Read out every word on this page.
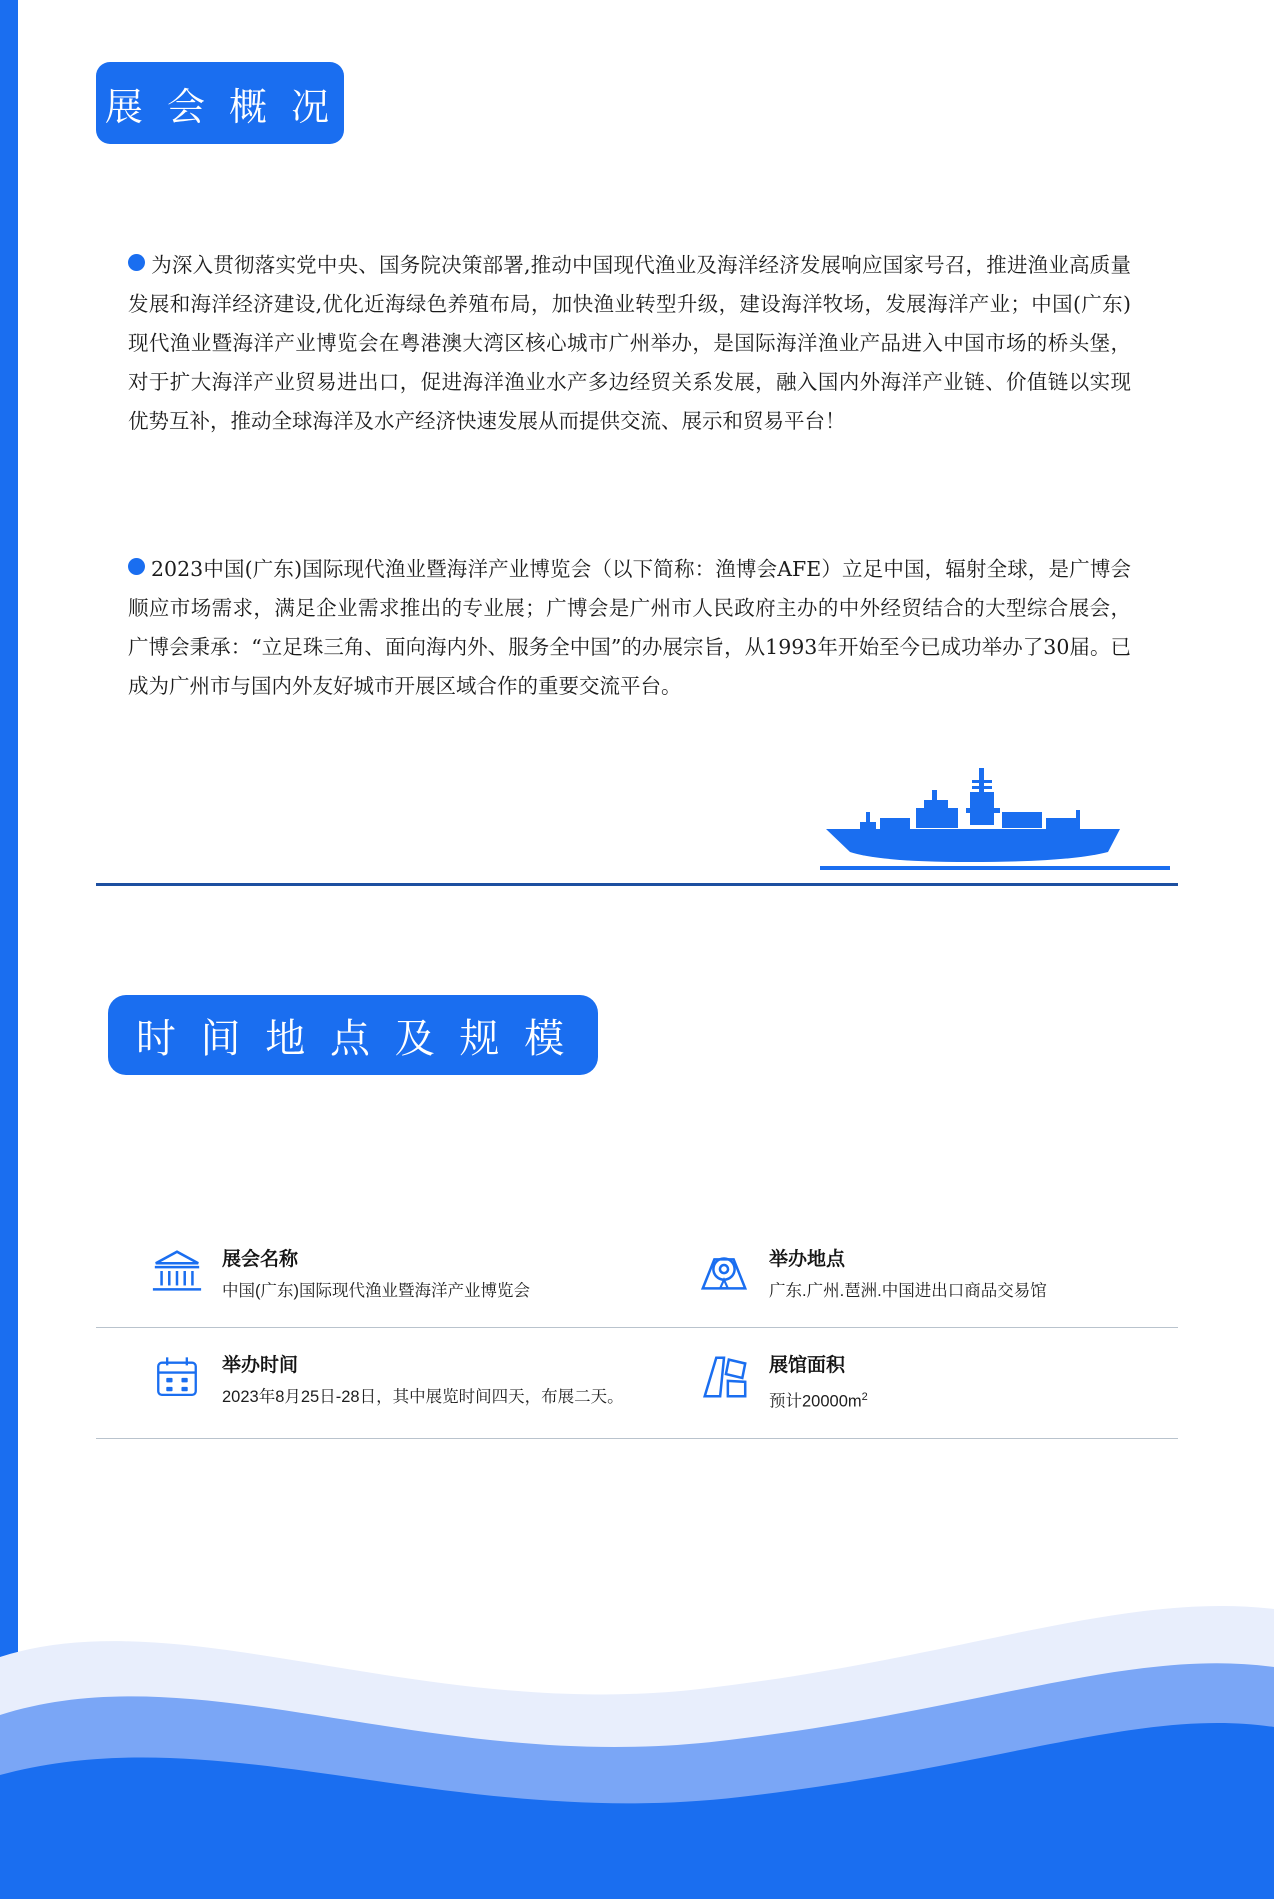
展 会 概 况
为深入贯彻落实党中央、国务院决策部署,推动中国现代渔业及海洋经济发展响应国家号召，推进渔业高质量发展和海洋经济建设,优化近海绿色养殖布局，加快渔业转型升级，建设海洋牧场，发展海洋产业；中国(广东)现代渔业暨海洋产业博览会在粤港澳大湾区核心城市广州举办，是国际海洋渔业产品进入中国市场的桥头堡，对于扩大海洋产业贸易进出口，促进海洋渔业水产多边经贸关系发展，融入国内外海洋产业链、价值链以实现优势互补，推动全球海洋及水产经济快速发展从而提供交流、展示和贸易平台！
2023中国(广东)国际现代渔业暨海洋产业博览会（以下简称：渔博会AFE）立足中国，辐射全球，是广博会顺应市场需求，满足企业需求推出的专业展；广博会是广州市人民政府主办的中外经贸结合的大型综合展会，广博会秉承：“立足珠三角、面向海内外、服务全中国”的办展宗旨，从1993年开始至今已成功举办了30届。已成为广州市与国内外友好城市开展区域合作的重要交流平台。
时 间 地 点 及 规 模
展会名称
中国(广东)国际现代渔业暨海洋产业博览会
举办地点
广东.广州.琶洲.中国进出口商品交易馆
举办时间
2023年8月25日-28日，其中展览时间四天，布展二天。
展馆面积
预计$20000m^2$
